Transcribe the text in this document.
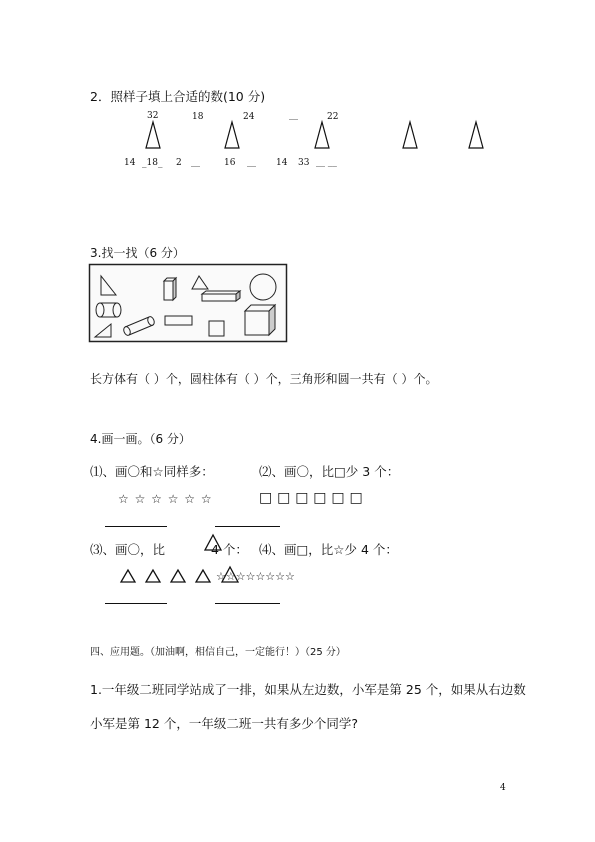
2．照样子填上合适的数(10 分)
32	18	24	__	22
14 _18_ 2 __	16 __ 14 33 __ __
3.找一找（6 分）
长方体有（ ）个，圆柱体有（ ）个，三角形和圆一共有（ ）个。
4.画一画。（6 分）
⑴、画〇和☆同样多：	⑵、画〇，比□少 3 个：
☆ ☆ ☆ ☆ ☆ ☆	□ □ □ □ □ □
⑶、画〇，比	4 个： ⑷、画□，比☆少 4 个：
☆☆☆☆☆☆☆☆
四、应用题。（加油啊，相信自己，一定能行！）（25 分）
1.一年级二班同学站成了一排，如果从左边数，小军是第 25 个，如果从右边数
小军是第 12 个，一年级二班一共有多少个同学?
4
